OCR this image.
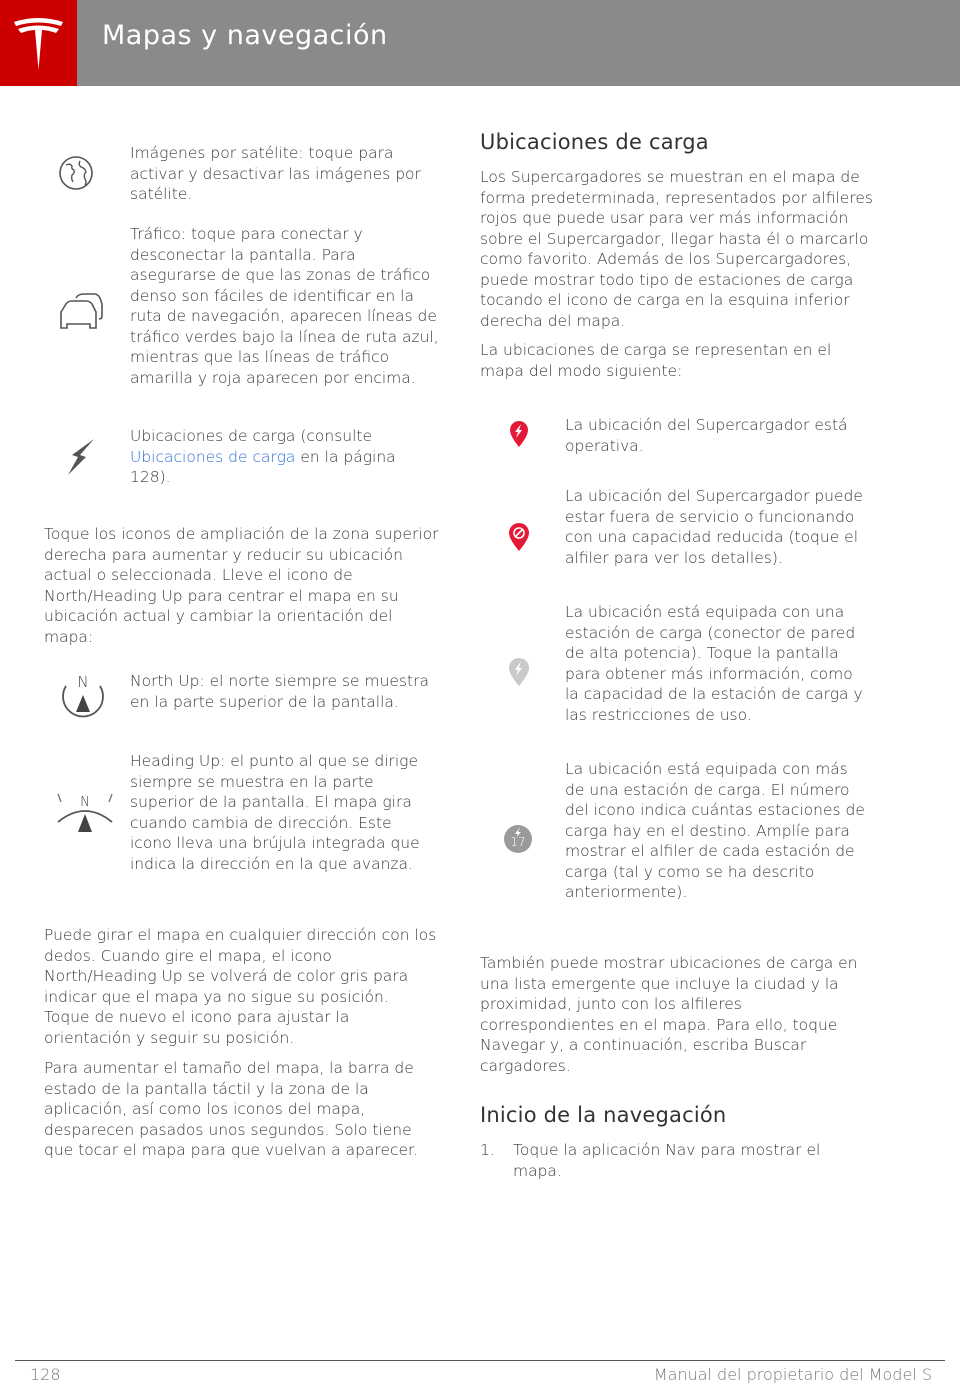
Mapas y navegación
Imágenes por satélite: toque para activar y desactivar las imágenes por satélite.
Tráfico: toque para conectar y desconectar la pantalla. Para asegurarse de que las zonas de tráfico denso son fáciles de identificar en la ruta de navegación, aparecen líneas de tráfico verdes bajo la línea de ruta azul, mientras que las líneas de tráfico amarilla y roja aparecen por encima.
Ubicaciones de carga (consulte Ubicaciones de carga en la página 128).
Toque los iconos de ampliación de la zona superior derecha para aumentar y reducir su ubicación actual o seleccionada. Lleve el icono de North/Heading Up para centrar el mapa en su ubicación actual y cambiar la orientación del mapa:
N	North Up: el norte siempre se muestra en la parte superior de la pantalla.
N
Heading Up: el punto al que se dirige siempre se muestra en la parte superior de la pantalla. El mapa gira cuando cambia de dirección. Este icono lleva una brújula integrada que indica la dirección en la que avanza.
Puede girar el mapa en cualquier dirección con los dedos. Cuando gire el mapa, el icono North/Heading Up se volverá de color gris para indicar que el mapa ya no sigue su posición. Toque de nuevo el icono para ajustar la orientación y seguir su posición.
Para aumentar el tamaño del mapa, la barra de estado de la pantalla táctil y la zona de la aplicación, así como los iconos del mapa, desparecen pasados unos segundos. Solo tiene que tocar el mapa para que vuelvan a aparecer.
Ubicaciones de carga
Los Supercargadores se muestran en el mapa de forma predeterminada, representados por alfileres rojos que puede usar para ver más información sobre el Supercargador, llegar hasta él o marcarlo como favorito. Además de los Supercargadores, puede mostrar todo tipo de estaciones de carga tocando el icono de carga en la esquina inferior derecha del mapa.
La ubicaciones de carga se representan en el mapa del modo siguiente:
La ubicación del Supercargador está operativa.
La ubicación del Supercargador puede estar fuera de servicio o funcionando con una capacidad reducida (toque el alfiler para ver los detalles).
La ubicación está equipada con una estación de carga (conector de pared de alta potencia). Toque la pantalla para obtener más información, como la capacidad de la estación de carga y las restricciones de uso.
17
La ubicación está equipada con más de una estación de carga. El número del icono indica cuántas estaciones de carga hay en el destino. Amplíe para mostrar el alfiler de cada estación de carga (tal y como se ha descrito anteriormente).
También puede mostrar ubicaciones de carga en una lista emergente que incluye la ciudad y la proximidad, junto con los alfileres correspondientes en el mapa. Para ello, toque Navegar y, a continuación, escriba Buscar cargadores.
Inicio de la navegación
1.	Toque la aplicación Nav para mostrar el mapa.
128	Manual del propietario del Model S
